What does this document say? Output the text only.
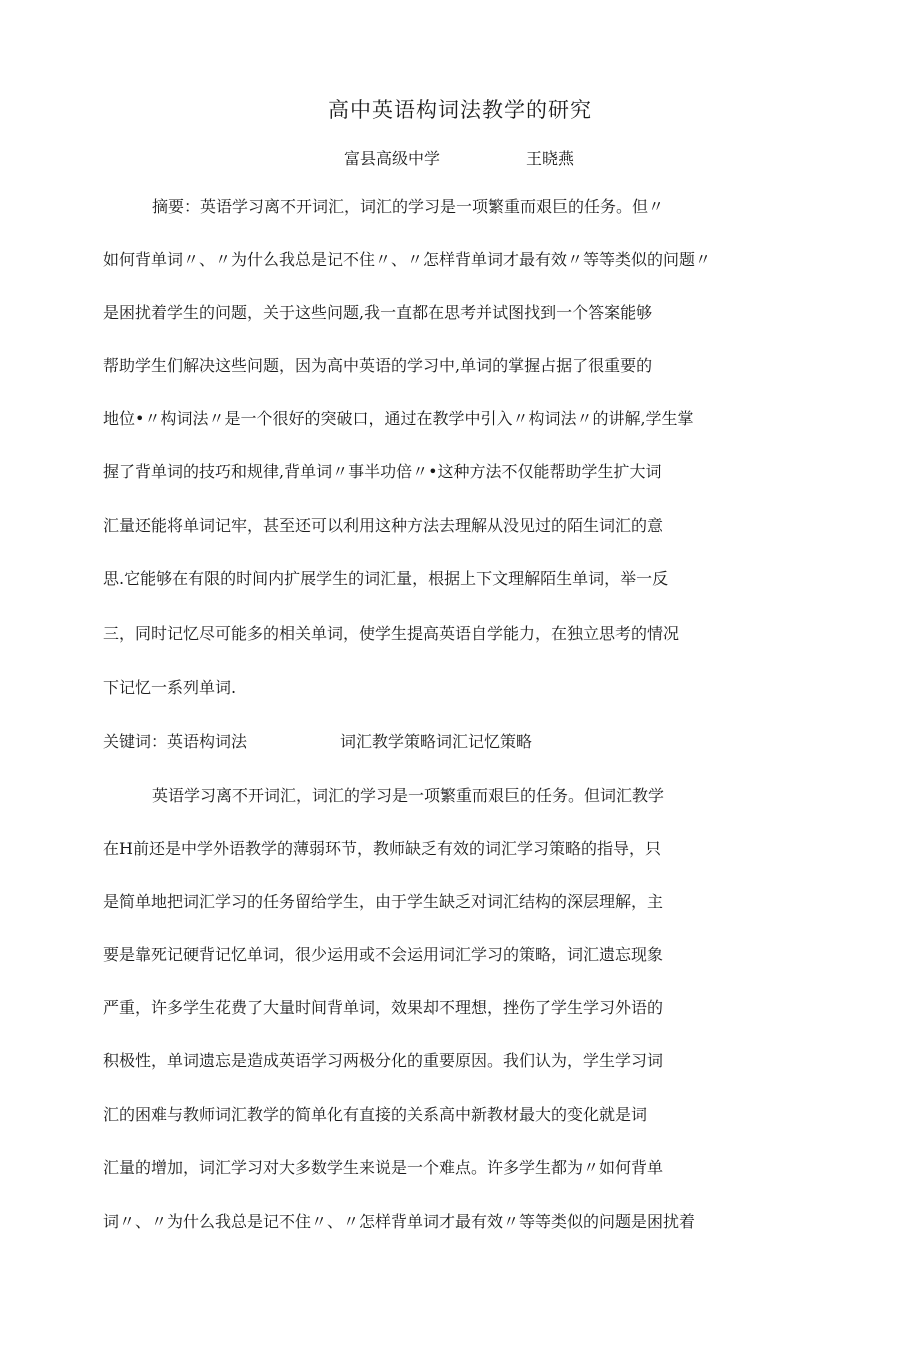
高中英语构词法教学的研究
富县高级中学	王晓燕
摘要：英语学习离不开词汇，词汇的学习是一项繁重而艰巨的任务。但〃
如何背单词〃、〃为什么我总是记不住〃、〃怎样背单词才最有效〃等等类似的问题〃
是困扰着学生的问题，关于这些问题,我一直都在思考并试图找到一个答案能够
帮助学生们解决这些问题，因为高中英语的学习中,单词的掌握占据了很重要的
地位•〃构词法〃是一个很好的突破口，通过在教学中引入〃构词法〃的讲解,学生掌
握了背单词的技巧和规律,背单词〃事半功倍〃•这种方法不仅能帮助学生扩大词
汇量还能将单词记牢，甚至还可以利用这种方法去理解从没见过的陌生词汇的意
思.它能够在有限的时间内扩展学生的词汇量，根据上下文理解陌生单词，举一反
三，同时记忆尽可能多的相关单词，使学生提高英语自学能力，在独立思考的情况
下记忆一系列单词.
关键词：英语构词法	词汇教学策略词汇记忆策略
英语学习离不开词汇，词汇的学习是一项繁重而艰巨的任务。但词汇教学
在H前还是中学外语教学的薄弱环节，教师缺乏有效的词汇学习策略的指导，只
是简单地把词汇学习的任务留给学生，由于学生缺乏对词汇结构的深层理解，主
要是靠死记硬背记忆单词，很少运用或不会运用词汇学习的策略，词汇遗忘现象
严重，许多学生花费了大量时间背单词，效果却不理想，挫伤了学生学习外语的
积极性，单词遗忘是造成英语学习两极分化的重要原因。我们认为，学生学习词
汇的困难与教师词汇教学的简单化有直接的关系高中新教材最大的变化就是词
汇量的增加，词汇学习对大多数学生来说是一个难点。许多学生都为〃如何背单
词〃、〃为什么我总是记不住〃、〃怎样背单词才最有效〃等等类似的问题是困扰着
